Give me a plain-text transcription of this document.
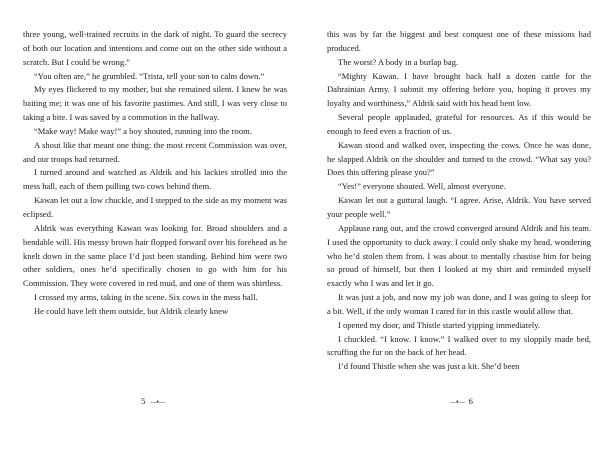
three young, well-trained recruits in the dark of night. To guard the secrecy of both our location and intentions and come out on the other side without a scratch. But I could be wrong.”

“You often are,” he grumbled. “Trista, tell your son to calm down.”

My eyes flickered to my mother, but she remained silent. I knew he was baiting me; it was one of his favorite pastimes. And still, I was very close to taking a bite. I was saved by a commotion in the hallway.

“Make way! Make way!” a boy shouted, running into the room.

A shout like that meant one thing: the most recent Commission was over, and our troops had returned.

I turned around and watched as Aldrik and his lackies strolled into the mess hall, each of them pulling two cows behind them.

Kawan let out a low chuckle, and I stepped to the side as my moment was eclipsed.

Aldrik was everything Kawan was looking for. Broad shoulders and a bendable will. His messy brown hair flopped forward over his forehead as he knelt down in the same place I’d just been standing. Behind him were two other soldiers, ones he’d specifically chosen to go with him for his Commission. They were covered in red mud, and one of them was shirtless.

I crossed my arms, taking in the scene. Six cows in the mess hall.

He could have left them outside, but Aldrik clearly knew

5 —•—

this was by far the biggest and best conquest one of these missions had produced.

The worst? A body in a burlap bag.

“Mighty Kawan. I have brought back half a dozen cattle for the Dahrainian Army. I submit my offering before you, hoping it proves my loyalty and worthiness,” Aldrik said with his head bent low.

Several people applauded, grateful for resources. As if this would be enough to feed even a fraction of us.

Kawan stood and walked over, inspecting the cows. Once he was done, he slapped Aldrik on the shoulder and turned to the crowd. “What say you? Does this offering please you?”

“Yes!” everyone shouted. Well, almost everyone.

Kawan let out a guttural laugh. “I agree. Arise, Aldrik. You have served your people well.”

Applause rang out, and the crowd converged around Aldrik and his team. I used the opportunity to duck away. I could only shake my head, wondering who he’d stolen them from. I was about to mentally chastise him for being so proud of himself, but then I looked at my shirt and reminded myself exactly who I was and let it go.

It was just a job, and now my job was done, and I was going to sleep for a bit. Well, if the only woman I cared for in this castle would allow that.

I opened my door, and Thistle started yipping immediately.

I chuckled. “I know. I know.” I walked over to my sloppily made bed, scruffing the fur on the back of her head.

I’d found Thistle when she was just a kit. She’d been

—•— 6
